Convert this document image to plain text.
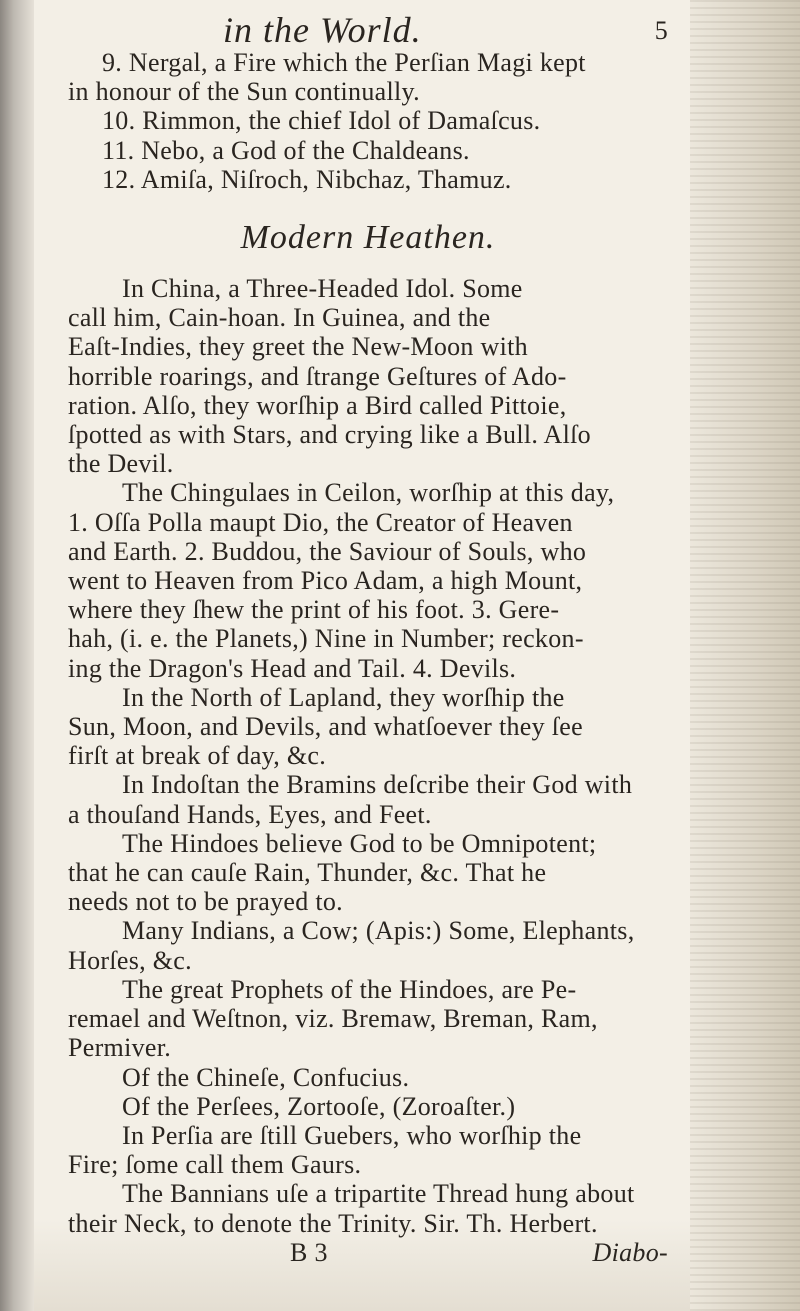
in the World.	5
9. Nergal, a Fire which the Perſian Magi kept
in honour of the Sun continually.
10. Rimmon, the chief Idol of Damaſcus.
11. Nebo, a God of the Chaldeans.
12. Amiſa, Niſroch, Nibchaz, Thamuz.
Modern Heathen.
In China, a Three-Headed Idol. Some
call him, Cain-hoan. In Guinea, and the
Eaſt-Indies, they greet the New-Moon with
horrible roarings, and ſtrange Geſtures of Ado-
ration. Alſo, they worſhip a Bird called Pittoie,
ſpotted as with Stars, and crying like a Bull. Alſo
the Devil.
The Chingulaes in Ceilon, worſhip at this day,
1. Oſſa Polla maupt Dio, the Creator of Heaven
and Earth. 2. Buddou, the Saviour of Souls, who
went to Heaven from Pico Adam, a high Mount,
where they ſhew the print of his foot. 3. Gere-
hah, (i. e. the Planets,) Nine in Number; reckon-
ing the Dragon's Head and Tail. 4. Devils.
In the North of Lapland, they worſhip the
Sun, Moon, and Devils, and whatſoever they ſee
firſt at break of day, &c.
In Indoſtan the Bramins deſcribe their God with
a thouſand Hands, Eyes, and Feet.
The Hindoes believe God to be Omnipotent;
that he can cauſe Rain, Thunder, &c. That he
needs not to be prayed to.
Many Indians, a Cow; (Apis:) Some, Elephants,
Horſes, &c.
The great Prophets of the Hindoes, are Pe-
remael and Weſtnon, viz. Bremaw, Breman, Ram,
Permiver.
Of the Chineſe, Confucius.
Of the Perſees, Zortooſe, (Zoroaſter.)
In Perſia are ſtill Guebers, who worſhip the
Fire; ſome call them Gaurs.
The Bannians uſe a tripartite Thread hung about
their Neck, to denote the Trinity. Sir. Th. Herbert.
B 3	Diabo-
